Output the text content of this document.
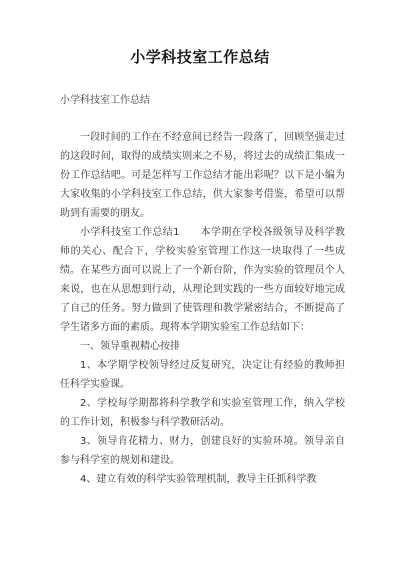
小学科技室工作总结
小学科技室工作总结

一段时间的工作在不经意间已经告一段落了，回顾坚强走过的这段时间，取得的成绩实则来之不易，将过去的成绩汇集成一份工作总结吧。可是怎样写工作总结才能出彩呢？以下是小编为大家收集的小学科技室工作总结，供大家参考借鉴，希望可以帮助到有需要的朋友。

小学科技室工作总结1　　本学期在学校各级领导及科学教师的关心、配合下，学校实验室管理工作这一块取得了一些成绩。在某些方面可以说上了一个新台阶，作为实验的管理员个人来说，也在从思想到行动，从理论到实践的一些方面较好地完成了自己的任务。努力做到了使管理和教学紧密结合，不断提高了学生诸多方面的素质。现将本学期实验室工作总结如下：

一、领导重视精心按排

1、本学期学校领导经过反复研究，决定让有经验的教师担任科学实验课。

2、学校每学期都将科学教学和实验室管理工作，纳入学校的工作计划，积极参与科学教研活动。

3、领导肯花精力、财力，创建良好的实验环境。领导亲自参与科学室的规划和建设。

4、建立有效的科学实验管理机制，教导主任抓科学教
